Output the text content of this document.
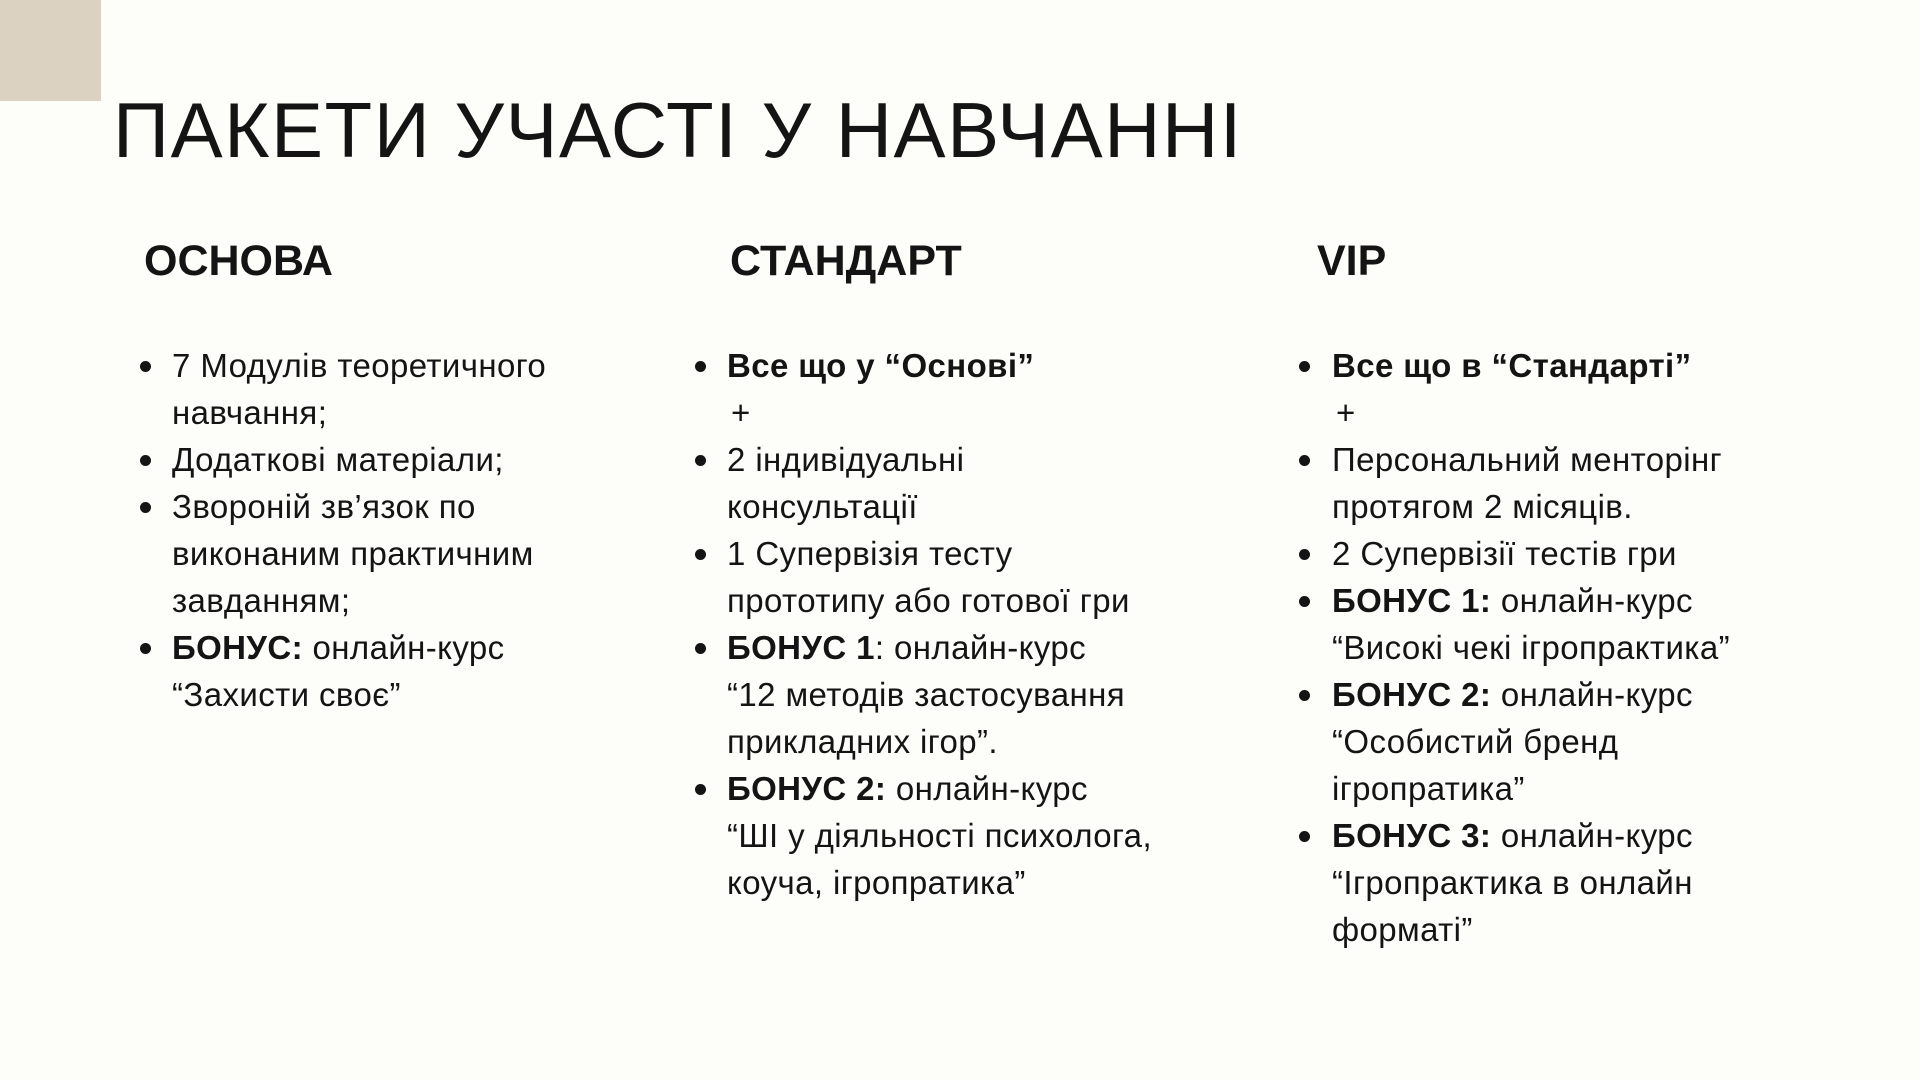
ПАКЕТИ УЧАСТІ У НАВЧАННІ
ОСНОВА
7 Модулів теоретичного
навчання;
Додаткові матеріали;
Звороній зв’язок по
виконаним практичним
завданням;
БОНУС: онлайн-курс
“Захисти своє”
СТАНДАРТ
Все що у “Основі”
+
2 індивідуальні
консультації
1 Супервізія тесту
прототипу або готової гри
БОНУС 1: онлайн-курс
“12 методів застосування
прикладних ігор”.
БОНУС 2: онлайн-курс
“ШІ у діяльності психолога,
коуча, ігропратика”
VIP
Все що в “Стандарті”
+
Персональний менторінг
протягом 2 місяців.
2 Супервізії тестів гри
БОНУС 1: онлайн-курс
“Високі чекі ігропрактика”
БОНУС 2: онлайн-курс
“Особистий бренд
ігропратика”
БОНУС 3: онлайн-курс
“Ігропрактика в онлайн
форматі”
